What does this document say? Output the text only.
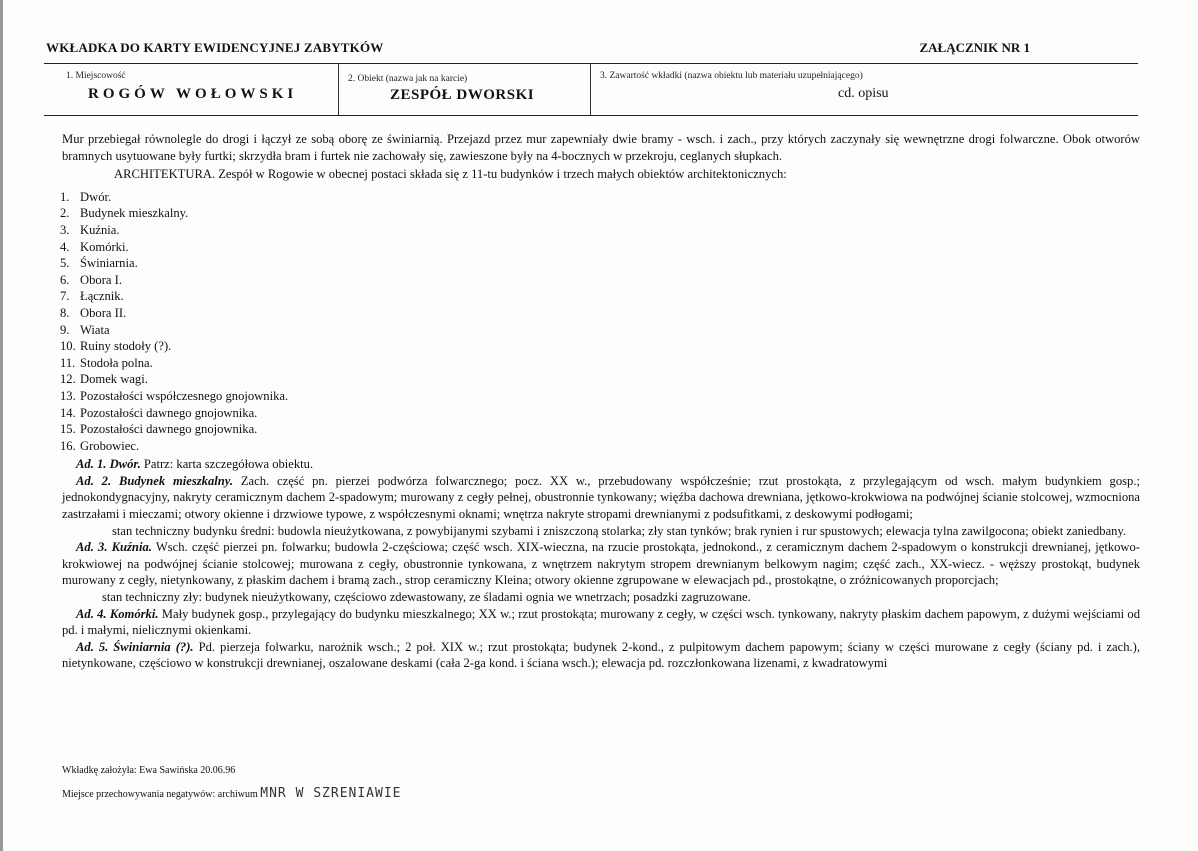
WKŁADKA DO KARTY EWIDENCYJNEJ ZABYTKÓW	ZAŁĄCZNIK NR 1
1. Miejscowość
ROGÓW WOŁOWSKI
2. Obiekt (nazwa jak na karcie)
ZESPÓŁ DWORSKI
3. Zawartość wkładki (nazwa obiektu lub materiału uzupełniającego)
cd. opisu

Mur przebiegał równolegle do drogi i łączył ze sobą oborę ze świniarnią. Przejazd przez mur zapewniały dwie bramy - wsch. i zach., przy których zaczynały się wewnętrzne drogi folwarczne. Obok otworów bramnych usytuowane były furtki; skrzydła bram i furtek nie zachowały się, zawieszone były na 4-bocznych w przekroju, ceglanych słupkach.

ARCHITEKTURA. Zespół w Rogowie w obecnej postaci składa się z 11-tu budynków i trzech małych obiektów architektonicznych:

1. Dwór.
2. Budynek mieszkalny.
3. Kuźnia.
4. Komórki.
5. Świniarnia.
6. Obora I.
7. Łącznik.
8. Obora II.
9. Wiata
10. Ruiny stodoły (?).
11. Stodoła polna.
12. Domek wagi.
13. Pozostałości współczesnego gnojownika.
14. Pozostałości dawnego gnojownika.
15. Pozostałości dawnego gnojownika.
16. Grobowiec.

Ad. 1. Dwór. Patrz: karta szczegółowa obiektu.

Ad. 2. Budynek mieszkalny. Zach. część pn. pierzei podwórza folwarcznego; pocz. XX w., przebudowany współcześnie; rzut prostokąta, z przylegającym od wsch. małym budynkiem gosp.; jednokondygnacyjny, nakryty ceramicznym dachem 2-spadowym; murowany z cegły pełnej, obustronnie tynkowany; więźba dachowa drewniana, jętkowo-krokwiowa na podwójnej ścianie stolcowej, wzmocniona zastrzałami i mieczami; otwory okienne i drzwiowe typowe, z współczesnymi oknami; wnętrza nakryte stropami drewnianymi z podsufitkami, z deskowymi podłogami;

stan techniczny budynku średni: budowla nieużytkowana, z powybijanymi szybami i zniszczoną stolarka; zły stan tynków; brak rynien i rur spustowych; elewacja tylna zawilgocona; obiekt zaniedbany.

Ad. 3. Kuźnia. Wsch. część pierzei pn. folwarku; budowla 2-częściowa; część wsch. XIX-wieczna, na rzucie prostokąta, jednokond., z ceramicznym dachem 2-spadowym o konstrukcji drewnianej, jętkowo-krokwiowej na podwójnej ścianie stolcowej; murowana z cegły, obustronnie tynkowana, z wnętrzem nakrytym stropem drewnianym belkowym nagim; część zach., XX-wiecz. - węższy prostokąt, budynek murowany z cegły, nietynkowany, z płaskim dachem i bramą zach., strop ceramiczny Kleina; otwory okienne zgrupowane w elewacjach pd., prostokątne, o zróżnicowanych proporcjach;

stan techniczny zły: budynek nieużytkowany, częściowo zdewastowany, ze śladami ognia we wnetrzach; posadzki zagruzowane.

Ad. 4. Komórki. Mały budynek gosp., przylegający do budynku mieszkalnego; XX w.; rzut prostokąta; murowany z cegły, w części wsch. tynkowany, nakryty płaskim dachem papowym, z dużymi wejściami od pd. i małymi, nielicznymi okienkami.

Ad. 5. Świniarnia (?). Pd. pierzeja folwarku, narożnik wsch.; 2 poł. XIX w.; rzut prostokąta; budynek 2-kond., z pulpitowym dachem papowym; ściany w części murowane z cegły (ściany pd. i zach.), nietynkowane, częściowo w konstrukcji drewnianej, oszalowane deskami (cała 2-ga kond. i ściana wsch.); elewacja pd. rozczłonkowana lizenami, z kwadratowymi

Wkładkę założyła: Ewa Sawińska 20.06.96
Miejsce przechowywania negatywów: archiwum MNR W SZRENIAWIE
